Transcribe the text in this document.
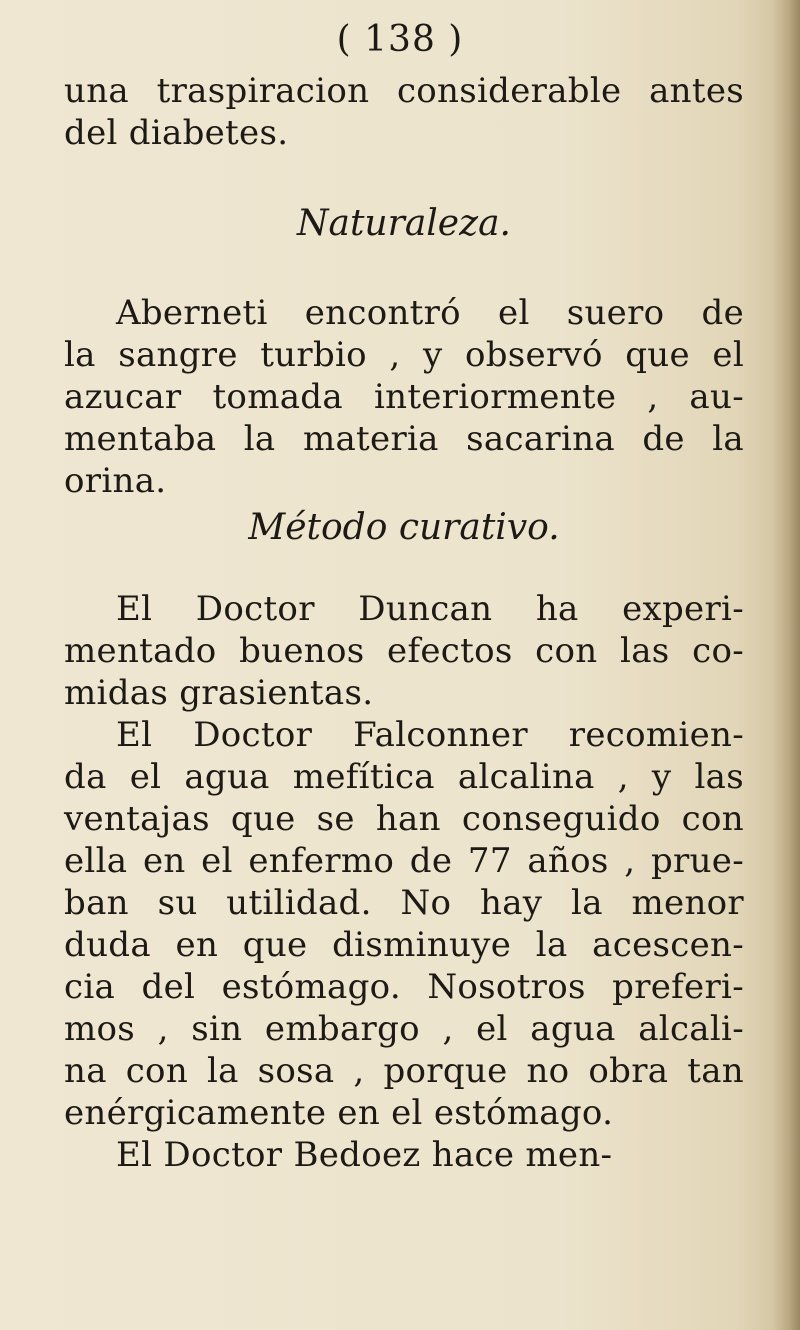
( 138 )
una traspiracion considerable antes
del diabetes.
Naturaleza.
Aberneti encontró el suero de
la sangre turbio , y observó que el
azucar tomada interiormente , au-
mentaba la materia sacarina de la
orina.
Método curativo.
El Doctor Duncan ha experi-
mentado buenos efectos con las co-
midas grasientas.
El Doctor Falconner recomien-
da el agua mefítica alcalina , y las
ventajas que se han conseguido con
ella en el enfermo de 77 años , prue-
ban su utilidad. No hay la menor
duda en que disminuye la acescen-
cia del estómago. Nosotros preferi-
mos , sin embargo , el agua alcali-
na con la sosa , porque no obra tan
enérgicamente en el estómago.
El Doctor Bedoez hace men-
